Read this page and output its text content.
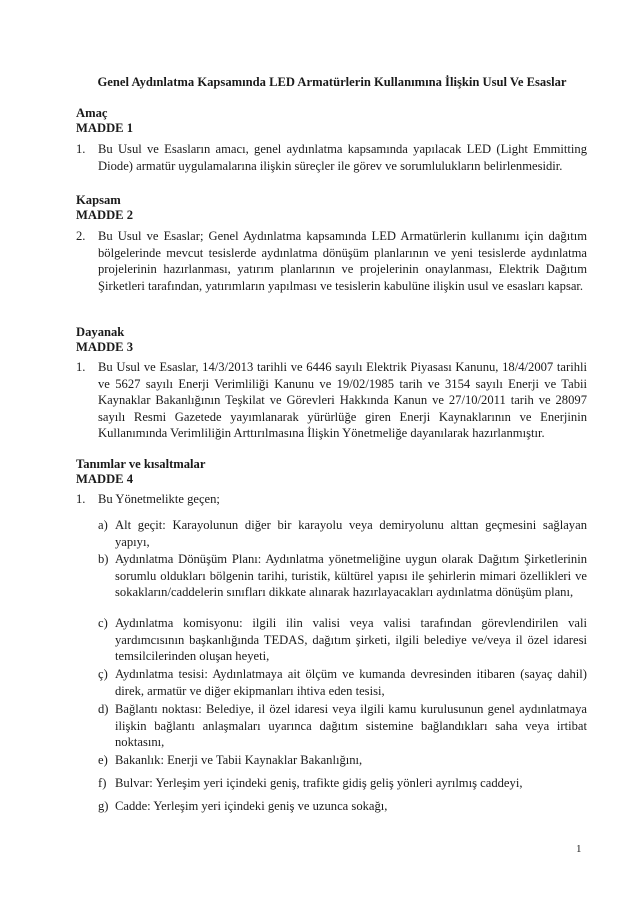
Genel Aydınlatma Kapsamında LED Armatürlerin Kullanımına İlişkin Usul Ve Esaslar
Amaç
MADDE 1
1. Bu Usul ve Esasların amacı, genel aydınlatma kapsamında yapılacak LED (Light Emmitting Diode) armatür uygulamalarına ilişkin süreçler ile görev ve sorumlulukların belirlenmesidir.
Kapsam
MADDE 2
2. Bu Usul ve Esaslar; Genel Aydınlatma kapsamında LED Armatürlerin kullanımı için dağıtım bölgelerinde mevcut tesislerde aydınlatma dönüşüm planlarının ve yeni tesislerde aydınlatma projelerinin hazırlanması, yatırım planlarının ve projelerinin onaylanması, Elektrik Dağıtım Şirketleri tarafından, yatırımların yapılması ve tesislerin kabulüne ilişkin usul ve esasları kapsar.
Dayanak
MADDE 3
1. Bu Usul ve Esaslar, 14/3/2013 tarihli ve 6446 sayılı Elektrik Piyasası Kanunu, 18/4/2007 tarihli ve 5627 sayılı Enerji Verimliliği Kanunu ve 19/02/1985 tarih ve 3154 sayılı Enerji ve Tabii Kaynaklar Bakanlığının Teşkilat ve Görevleri Hakkında Kanun ve 27/10/2011 tarih ve 28097 sayılı Resmi Gazetede yayımlanarak yürürlüğe giren Enerji Kaynaklarının ve Enerjinin Kullanımında Verimliliğin Arttırılmasına İlişkin Yönetmeliğe dayanılarak hazırlanmıştır.
Tanımlar ve kısaltmalar
MADDE 4
1. Bu Yönetmelikte geçen;
a) Alt geçit: Karayolunun diğer bir karayolu veya demiryolunu alttan geçmesini sağlayan yapıyı,
b) Aydınlatma Dönüşüm Planı: Aydınlatma yönetmeliğine uygun olarak Dağıtım Şirketlerinin sorumlu oldukları bölgenin tarihi, turistik, kültürel yapısı ile şehirlerin mimari özellikleri ve sokakların/caddelerin sınıfları dikkate alınarak hazırlayacakları aydınlatma dönüşüm planı,
c) Aydınlatma komisyonu: ilgili ilin valisi veya valisi tarafından görevlendirilen vali yardımcısının başkanlığında TEDAS, dağıtım şirketi, ilgili belediye ve/veya il özel idaresi temsilcilerinden oluşan heyeti,
ç) Aydınlatma tesisi: Aydınlatmaya ait ölçüm ve kumanda devresinden itibaren (sayaç dahil) direk, armatür ve diğer ekipmanları ihtiva eden tesisi,
d) Bağlantı noktası: Belediye, il özel idaresi veya ilgili kamu kurulusunun genel aydınlatmaya ilişkin bağlantı anlaşmaları uyarınca dağıtım sistemine bağlandıkları saha veya irtibat noktasını,
e) Bakanlık: Enerji ve Tabii Kaynaklar Bakanlığını,
f) Bulvar: Yerleşim yeri içindeki geniş, trafikte gidiş geliş yönleri ayrılmış caddeyi,
g) Cadde: Yerleşim yeri içindeki geniş ve uzunca sokağı,
1
